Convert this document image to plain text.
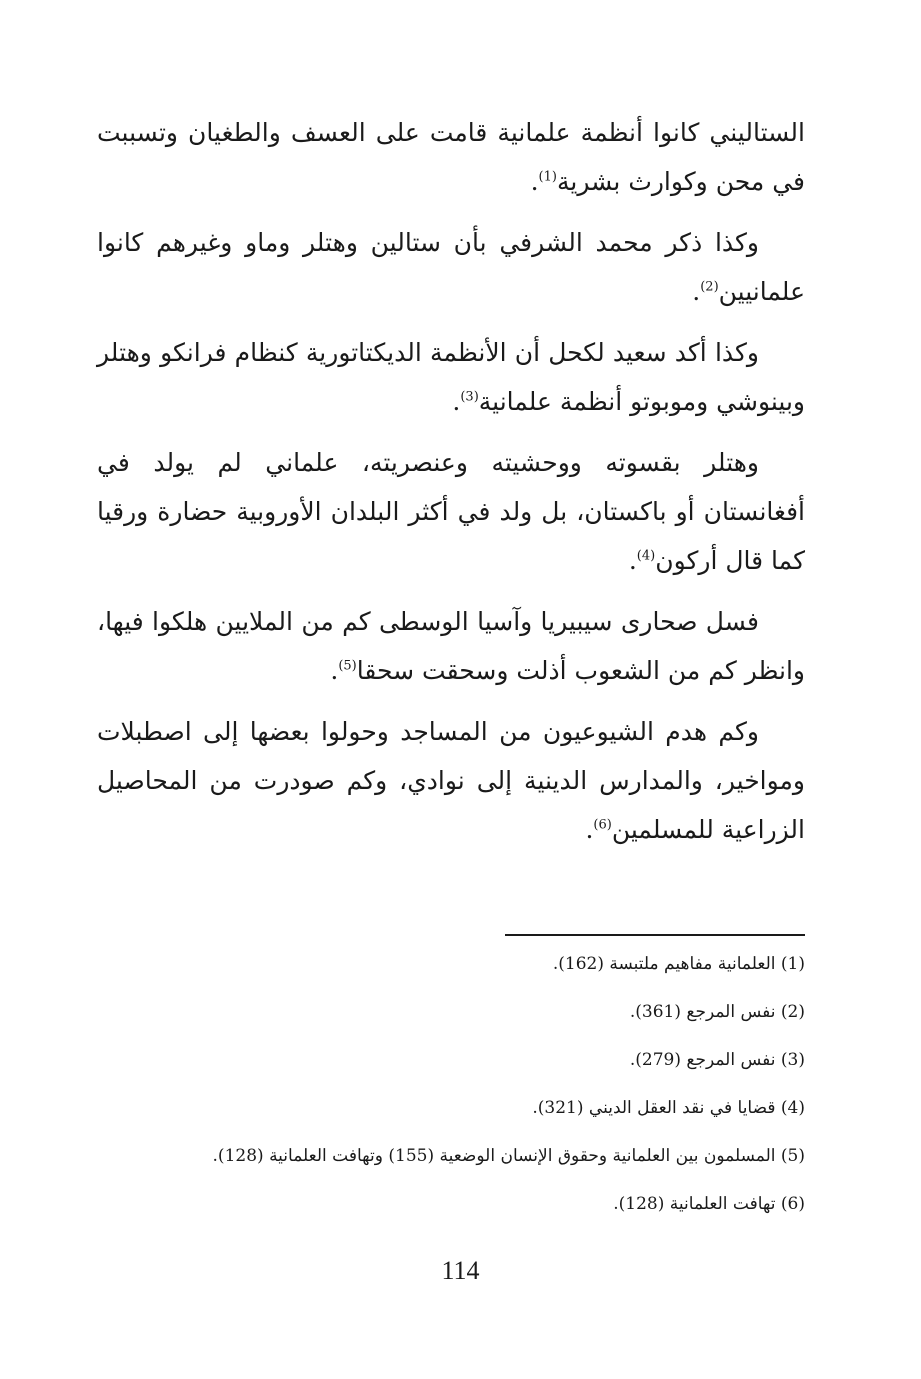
الستاليني كانوا أنظمة علمانية قامت على العسف والطغيان وتسببت في محن وكوارث بشرية$^{(1)}$.

وكذا ذكر محمد الشرفي بأن ستالين وهتلر وماو وغيرهم كانوا علمانيين$^{(2)}$.

وكذا أكد سعيد لكحل أن الأنظمة الديكتاتورية كنظام فرانكو وهتلر وبينوشي وموبوتو أنظمة علمانية$^{(3)}$.

وهتلر بقسوته ووحشيته وعنصريته، علماني لم يولد في أفغانستان أو باكستان، بل ولد في أكثر البلدان الأوروبية حضارة ورقيا كما قال أركون$^{(4)}$.

فسل صحارى سيبيريا وآسيا الوسطى كم من الملايين هلكوا فيها، وانظر كم من الشعوب أذلت وسحقت سحقا$^{(5)}$.

وكم هدم الشيوعيون من المساجد وحولوا بعضها إلى اصطبلات ومواخير، والمدارس الدينية إلى نوادي، وكم صودرت من المحاصيل الزراعية للمسلمين$^{(6)}$.

(1) العلمانية مفاهيم ملتبسة (162).

(2) نفس المرجع (361).

(3) نفس المرجع (279).

(4) قضايا في نقد العقل الديني (321).

(5) المسلمون بين العلمانية وحقوق الإنسان الوضعية (155) وتهافت العلمانية (128).

(6) تهافت العلمانية (128).

114
